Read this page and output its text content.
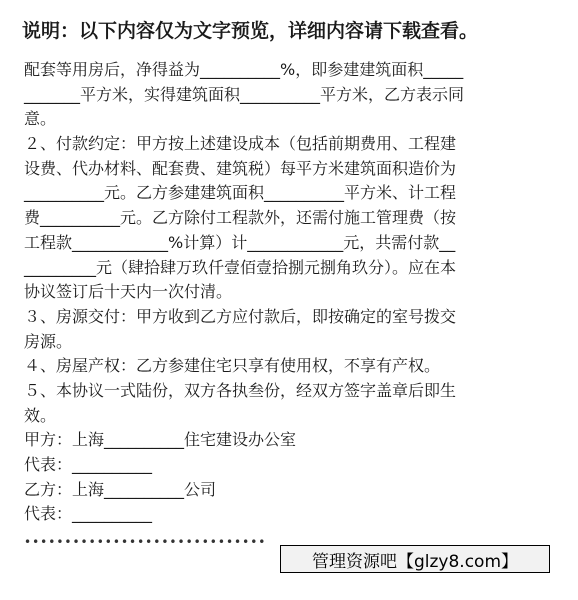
说明：以下内容仅为文字预览，详细内容请下载查看。
配套等用房后，净得益为__________%，即参建建筑面积_____
_______平方米，实得建筑面积__________平方米，乙方表示同
意。
２、付款约定：甲方按上述建设成本（包括前期费用、工程建
设费、代办材料、配套费、建筑税）每平方米建筑面积造价为
__________元。乙方参建建筑面积__________平方米、计工程
费__________元。乙方除付工程款外，还需付施工管理费（按
工程款____________%计算）计____________元，共需付款__
_________元（肆拾肆万玖仟壹佰壹拾捌元捌角玖分）。应在本
协议签订后十天内一次付清。
３、房源交付：甲方收到乙方应付款后，即按确定的室号拨交
房源。
４、房屋产权：乙方参建住宅只享有使用权，不享有产权。
５、本协议一式陆份，双方各执叁份，经双方签字盖章后即生
效。
甲方：上海__________住宅建设办公室
代表：__________
乙方：上海__________公司
代表：__________
••••••••••••••••••••••••••••••
管理资源吧【glzy8.com】
